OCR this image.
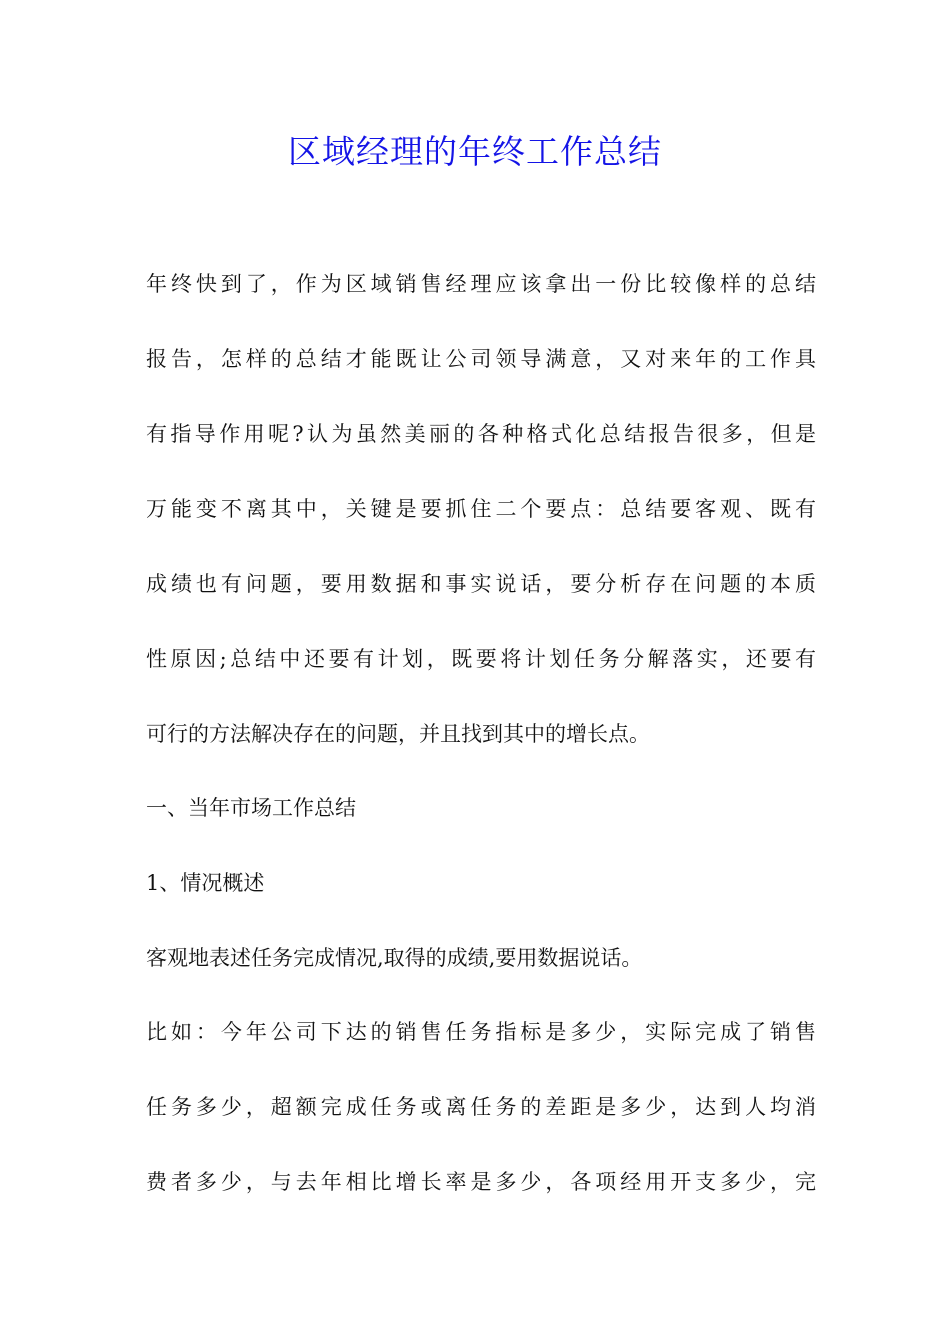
区域经理的年终工作总结

年终快到了，作为区域销售经理应该拿出一份比较像样的总结

报告，怎样的总结才能既让公司领导满意，又对来年的工作具

有指导作用呢?认为虽然美丽的各种格式化总结报告很多，但是

万能变不离其中，关键是要抓住二个要点：总结要客观、既有

成绩也有问题，要用数据和事实说话，要分析存在问题的本质

性原因;总结中还要有计划，既要将计划任务分解落实，还要有

可行的方法解决存在的问题，并且找到其中的增长点。

一、当年市场工作总结

1、情况概述

客观地表述任务完成情况,取得的成绩,要用数据说话。

比如：今年公司下达的销售任务指标是多少，实际完成了销售

任务多少，超额完成任务或离任务的差距是多少，达到人均消

费者多少，与去年相比增长率是多少，各项经用开支多少，完
